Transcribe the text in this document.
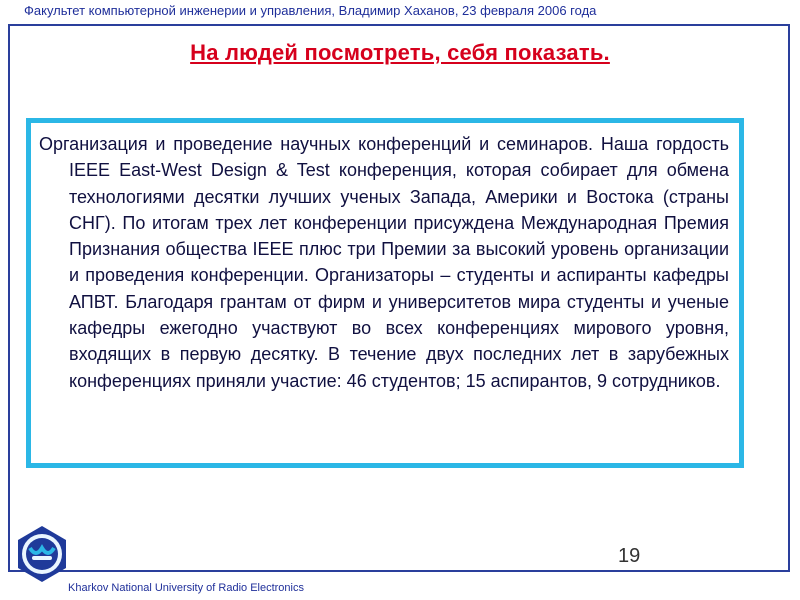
Факультет компьютерной инженерии и управления, Владимир Хаханов, 23 февраля 2006 года
На людей посмотреть, себя показать.

Организация и проведение научных конференций и семинаров. Наша гордость IEEE East-West Design & Test конференция, которая собирает для обмена технологиями десятки лучших ученых Запада, Америки и Востока (страны СНГ). По итогам трех лет конференции присуждена Международная Премия Признания общества IEEE плюс три Премии за высокий уровень организации и проведения конференции. Организаторы – студенты и аспиранты кафедры АПВТ. Благодаря грантам от фирм и университетов мира студенты и ученые кафедры ежегодно участвуют во всех конференциях мирового уровня, входящих в первую десятку. В течение двух последних лет в зарубежных конференциях приняли участие: 46 студентов; 15 аспирантов, 9 сотрудников.

19
Kharkov National University of Radio Electronics
